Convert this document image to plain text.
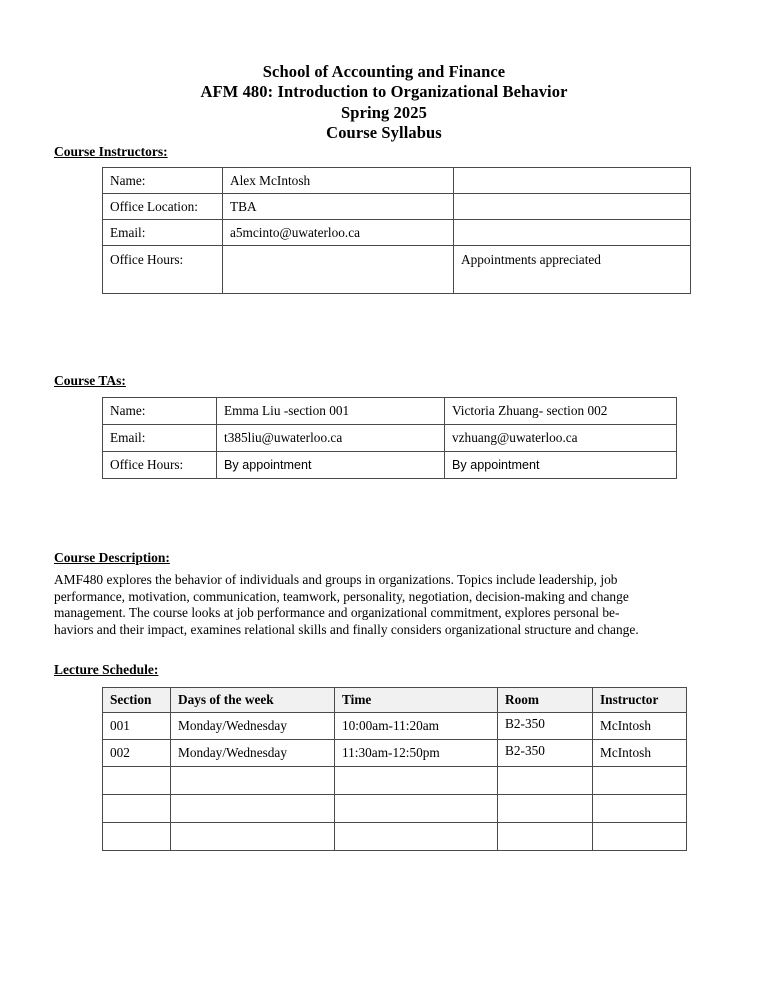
School of Accounting and Finance
AFM 480: Introduction to Organizational Behavior
Spring 2025
Course Syllabus
Course Instructors:
Name:	Alex McIntosh	

Office Location:	TBA	

Email:	a5mcinto@uwaterloo.ca	

Office Hours:		Appointments appreciated
Course TAs:
Name:	Emma Liu -section 001	Victoria Zhuang- section 002

Email:	t385liu@uwaterloo.ca	vzhuang@uwaterloo.ca

Office Hours:	By appointment	By appointment
Course Description:
AMF480 explores the behavior of individuals and groups in organizations. Topics include leadership, job
performance, motivation, communication, teamwork, personality, negotiation, decision-making and change
management. The course looks at job performance and organizational commitment, explores personal be-
haviors and their impact, examines relational skills and finally considers organizational structure and change.
Lecture Schedule:
Section	Days of the week	Time	Room	Instructor

001	Monday/Wednesday	10:00am-11:20am	B2-350	McIntosh

002	Monday/Wednesday	11:30am-12:50pm	B2-350	McIntosh
